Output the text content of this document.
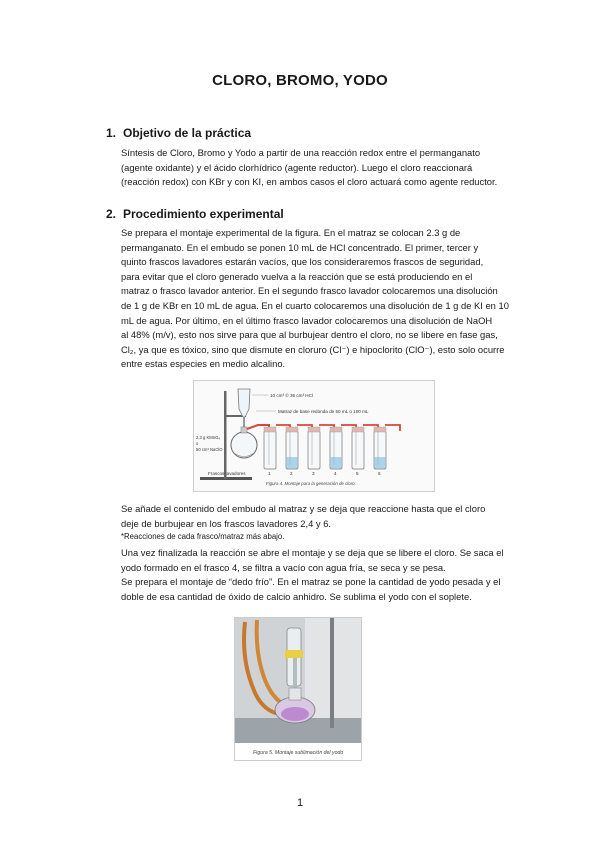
CLORO, BROMO, YODO
1. Objetivo de la práctica
Síntesis de Cloro, Bromo y Yodo a partir de una reacción redox entre el permanganato
(agente oxidante) y el ácido clorhídrico (agente reductor). Luego el cloro reaccionará
(reacción redox) con KBr y con KI, en ambos casos el cloro actuará como agente reductor.
2. Procedimiento experimental
Se prepara el montaje experimental de la figura. En el matraz se colocan 2.3 g de
permanganato. En el embudo se ponen 10 mL de HCl concentrado. El primer, tercer y
quinto frascos lavadores estarán vacíos, que los consideraremos frascos de seguridad,
para evitar que el cloro generado vuelva a la reacción que se está produciendo en el
matraz o frasco lavador anterior. En el segundo frasco lavador colocaremos una disolución
de 1 g de KBr en 10 mL de agua. En el cuarto colocaremos una disolución de 1 g de KI en 10
mL de agua. Por último, en el último frasco lavador colocaremos una disolución de NaOH
al 48% (m/v), esto nos sirve para que al burbujear dentro el cloro, no se libere en fase gas,
Cl₂, ya que es tóxico, sino que dismute en cloruro (Cl⁻) e hipoclorito (ClO⁻), esto solo ocurre
entre estas especies en medio alcalino.
10 cm³ © 35 cm³ HCl
Matraz de base redonda de 50 mL o 100 mL
2,3 g KMnO₄
o
50 cm³ NaClO
Frascos lavadores	1	2	3	4	5	6
Figura 4. Montaje para la generación de cloro.
Se añade el contenido del embudo al matraz y se deja que reaccione hasta que el cloro
deje de burbujear en los frascos lavadores 2,4 y 6.
*Reacciones de cada frasco/matraz más abajo.
Una vez finalizada la reacción se abre el montaje y se deja que se libere el cloro. Se saca el
yodo formado en el frasco 4, se filtra a vacío con agua fría, se seca y se pesa.
Se prepara el montaje de “dedo frío”. En el matraz se pone la cantidad de yodo pesada y el
doble de esa cantidad de óxido de calcio anhidro. Se sublima el yodo con el soplete.
Figura 5. Montaje sublimación del yodo
1
